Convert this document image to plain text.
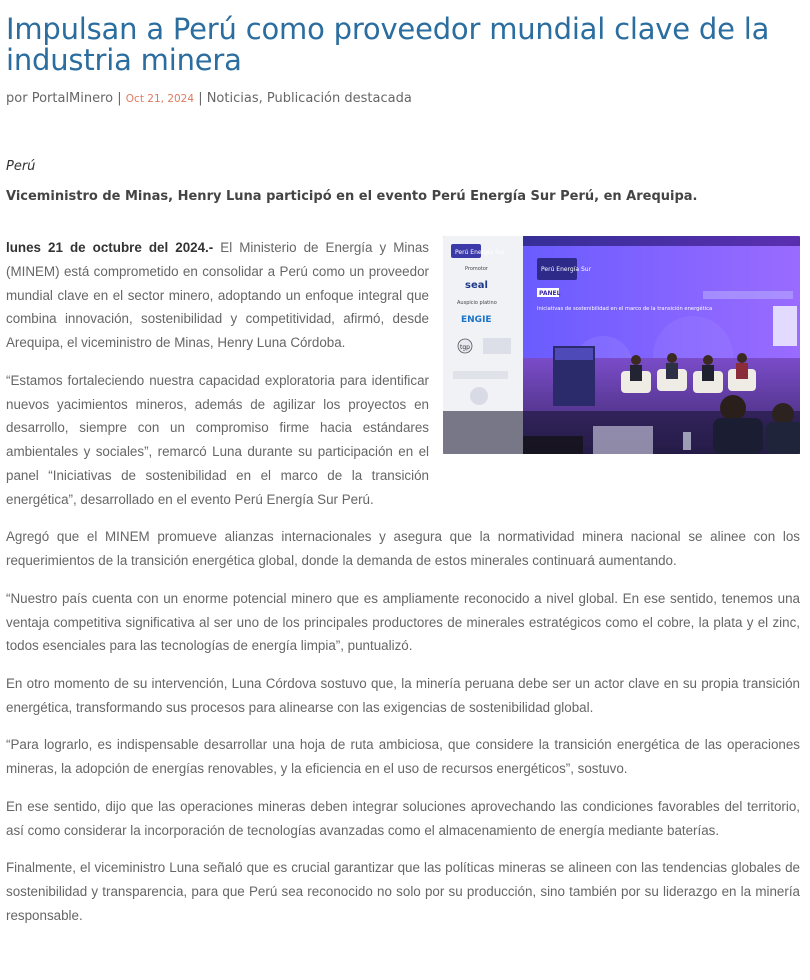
Impulsan a Perú como proveedor mundial clave de la industria minera
por PortalMinero | Oct 21, 2024 | Noticias, Publicación destacada
Perú
Viceministro de Minas, Henry Luna participó en el evento Perú Energía Sur Perú, en Arequipa.
Perú Energía Sur
Promotor
seal
Auspicio platino
ENGIE
tgp
Perú Energía Sur
PANEL
Iniciativas de sostenibilidad en el marco de la transición energética

lunes 21 de octubre del 2024.- El Ministerio de Energía y Minas (MINEM) está comprometido en consolidar a Perú como un proveedor mundial clave en el sector minero, adoptando un enfoque integral que combina innovación, sostenibilidad y competitividad, afirmó, desde Arequipa, el viceministro de Minas, Henry Luna Córdoba.

“Estamos fortaleciendo nuestra capacidad exploratoria para identificar nuevos yacimientos mineros, además de agilizar los proyectos en desarrollo, siempre con un compromiso firme hacia estándares ambientales y sociales”, remarcó Luna durante su participación en el panel “Iniciativas de sostenibilidad en el marco de la transición energética”, desarrollado en el evento Perú Energía Sur Perú.

Agregó que el MINEM promueve alianzas internacionales y asegura que la normatividad minera nacional se alinee con los requerimientos de la transición energética global, donde la demanda de estos minerales continuará aumentando.

“Nuestro país cuenta con un enorme potencial minero que es ampliamente reconocido a nivel global. En ese sentido, tenemos una ventaja competitiva significativa al ser uno de los principales productores de minerales estratégicos como el cobre, la plata y el zinc, todos esenciales para las tecnologías de energía limpia”, puntualizó.

En otro momento de su intervención, Luna Córdova sostuvo que, la minería peruana debe ser un actor clave en su propia transición energética, transformando sus procesos para alinearse con las exigencias de sostenibilidad global.

“Para lograrlo, es indispensable desarrollar una hoja de ruta ambiciosa, que considere la transición energética de las operaciones mineras, la adopción de energías renovables, y la eficiencia en el uso de recursos energéticos”, sostuvo.

En ese sentido, dijo que las operaciones mineras deben integrar soluciones aprovechando las condiciones favorables del territorio, así como considerar la incorporación de tecnologías avanzadas como el almacenamiento de energía mediante baterías.

Finalmente, el viceministro Luna señaló que es crucial garantizar que las políticas mineras se alineen con las tendencias globales de sostenibilidad y transparencia, para que Perú sea reconocido no solo por su producción, sino también por su liderazgo en la minería responsable.
